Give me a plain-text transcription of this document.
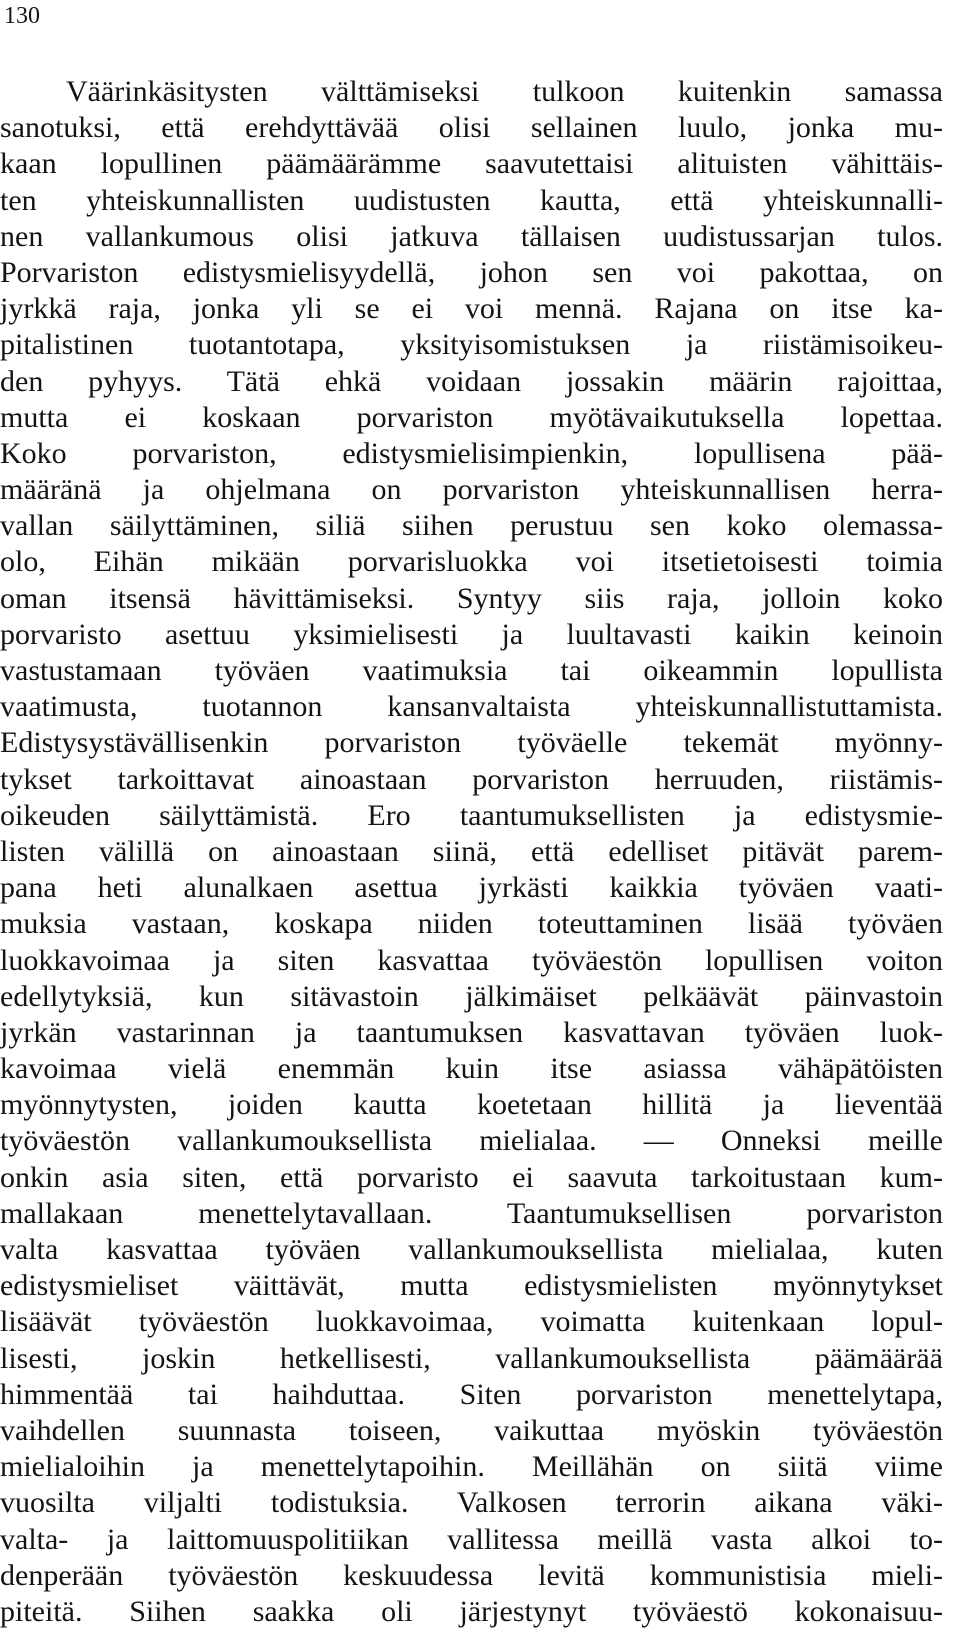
130
Väärinkäsitysten välttämiseksi tulkoon kuitenkin samassa
sanotuksi, että erehdyttävää olisi sellainen luulo, jonka mu-
kaan lopullinen päämäärämme saavutettaisi alituisten vähittäis-
ten yhteiskunnallisten uudistusten kautta, että yhteiskunnalli-
nen vallankumous olisi jatkuva tällaisen uudistussarjan tulos.
Porvariston edistysmielisyydellä, johon sen voi pakottaa, on
jyrkkä raja, jonka yli se ei voi mennä. Rajana on itse ka-
pitalistinen tuotantotapa, yksityisomistuksen ja riistämisoikeu-
den pyhyys. Tätä ehkä voidaan jossakin määrin rajoittaa,
mutta ei koskaan porvariston myötävaikutuksella lopettaa.
Koko porvariston, edistysmielisimpienkin, lopullisena pää-
määränä ja ohjelmana on porvariston yhteiskunnallisen herra-
vallan säilyttäminen, siliä siihen perustuu sen koko olemassa-
olo, Eihän mikään porvarisluokka voi itsetietoisesti toimia
oman itsensä hävittämiseksi. Syntyy siis raja, jolloin koko
porvaristo asettuu yksimielisesti ja luultavasti kaikin keinoin
vastustamaan työväen vaatimuksia tai oikeammin lopullista
vaatimusta, tuotannon kansanvaltaista yhteiskunnallistuttamista.
Edistysystävällisenkin porvariston työväelle tekemät myönny-
tykset tarkoittavat ainoastaan porvariston herruuden, riistämis-
oikeuden säilyttämistä. Ero taantumuksellisten ja edistysmie-
listen välillä on ainoastaan siinä, että edelliset pitävät parem-
pana heti alunalkaen asettua jyrkästi kaikkia työväen vaati-
muksia vastaan, koskapa niiden toteuttaminen lisää työväen
luokkavoimaa ja siten kasvattaa työväestön lopullisen voiton
edellytyksiä, kun sitävastoin jälkimäiset pelkäävät päinvastoin
jyrkän vastarinnan ja taantumuksen kasvattavan työväen luok-
kavoimaa vielä enemmän kuin itse asiassa vähäpätöisten
myönnytysten, joiden kautta koetetaan hillitä ja lieventää
työväestön vallankumouksellista mielialaa. — Onneksi meille
onkin asia siten, että porvaristo ei saavuta tarkoitustaan kum-
mallakaan menettelytavallaan. Taantumuksellisen porvariston
valta kasvattaa työväen vallankumouksellista mielialaa, kuten
edistysmieliset väittävät, mutta edistysmielisten myönnytykset
lisäävät työväestön luokkavoimaa, voimatta kuitenkaan lopul-
lisesti, joskin hetkellisesti, vallankumouksellista päämäärää
himmentää tai haihduttaa. Siten porvariston menettelytapa,
vaihdellen suunnasta toiseen, vaikuttaa myöskin työväestön
mielialoihin ja menettelytapoihin. Meillähän on siitä viime
vuosilta viljalti todistuksia. Valkosen terrorin aikana väki-
valta- ja laittomuuspolitiikan vallitessa meillä vasta alkoi to-
denperään työväestön keskuudessa levitä kommunistisia mieli-
piteitä. Siihen saakka oli järjestynyt työväestö kokonaisuu-
